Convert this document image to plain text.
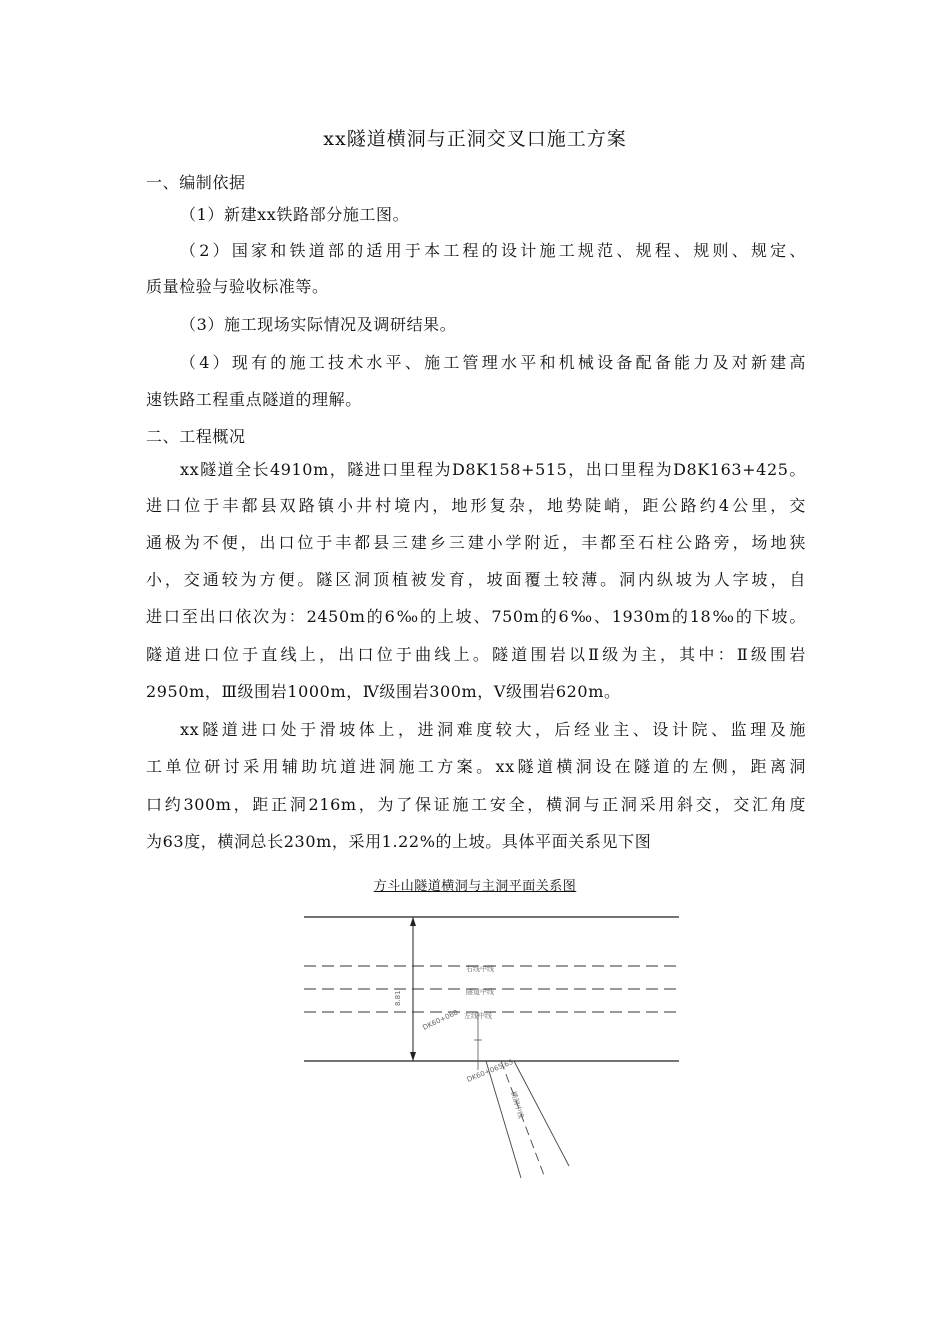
xx隧道横洞与正洞交叉口施工方案
一、编制依据
（1）新建xx铁路部分施工图。
（2）国家和铁道部的适用于本工程的设计施工规范、规程、规则、规定、
质量检验与验收标准等。
（3）施工现场实际情况及调研结果。
（4）现有的施工技术水平、施工管理水平和机械设备配备能力及对新建高
速铁路工程重点隧道的理解。
二、工程概况
xx隧道全长4910m，隧进口里程为D8K158+515，出口里程为D8K163+425。
进口位于丰都县双路镇小井村境内，地形复杂，地势陡峭，距公路约4公里，交
通极为不便，出口位于丰都县三建乡三建小学附近，丰都至石柱公路旁，场地狭
小，交通较为方便。隧区洞顶植被发育，坡面覆土较薄。洞内纵坡为人字坡，自
进口至出口依次为：2450m的6‰的上坡、750m的6‰、1930m的18‰的下坡。
隧道进口位于直线上，出口位于曲线上。隧道围岩以Ⅱ级为主，其中：Ⅱ级围岩
2950m，Ⅲ级围岩1000m，Ⅳ级围岩300m，Ⅴ级围岩620m。
xx隧道进口处于滑坡体上，进洞难度较大，后经业主、设计院、监理及施
工单位研讨采用辅助坑道进洞施工方案。xx隧道横洞设在隧道的左侧，距离洞
口约300m，距正洞216m，为了保证施工安全，横洞与正洞采用斜交，交汇角度
为63度，横洞总长230m，采用1.22%的上坡。具体平面关系见下图
方斗山隧道横洞与主洞平面关系图
右线中线
隧道中线
左线中线
8.81
DK60+060
DK60+065.65
横洞中线
